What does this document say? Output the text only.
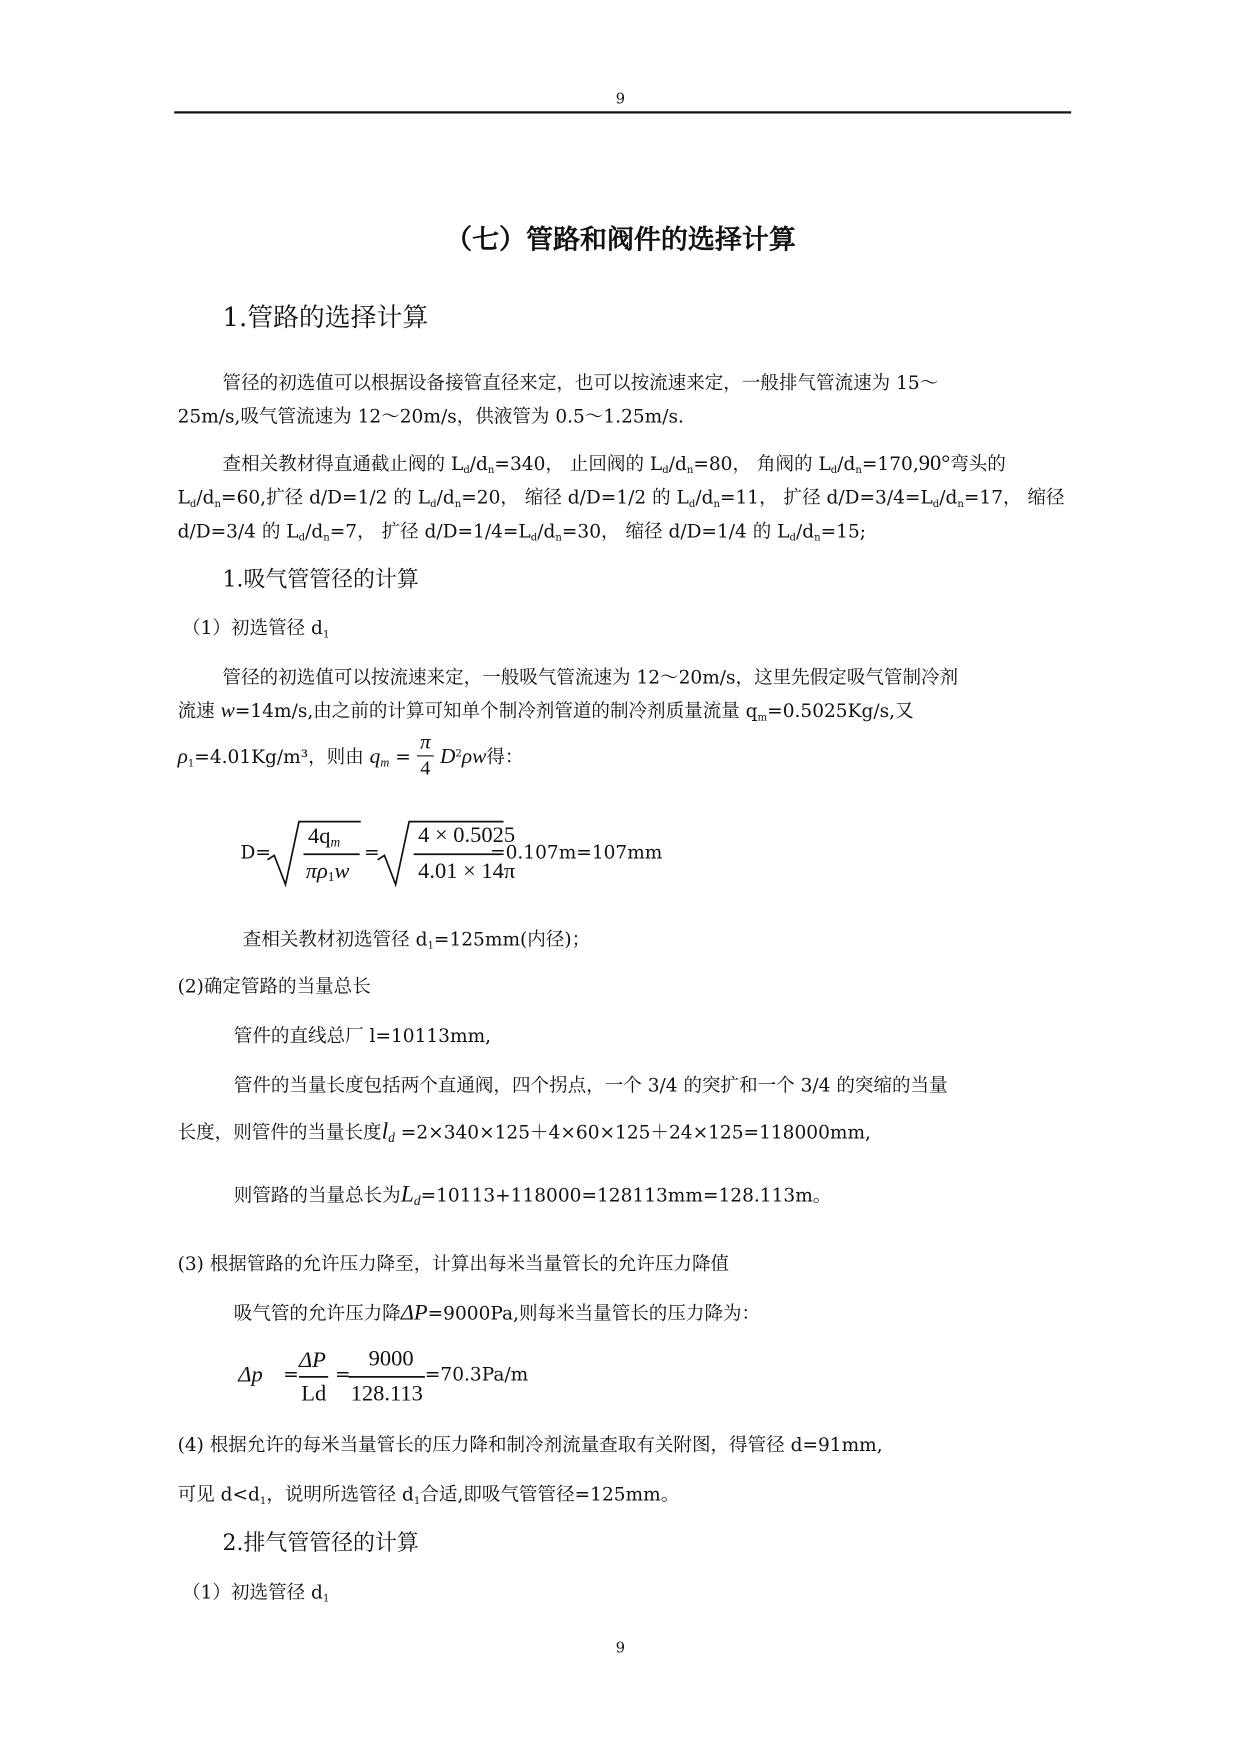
9
（七）管路和阀件的选择计算
1.管路的选择计算
管径的初选值可以根据设备接管直径来定，也可以按流速来定，一般排气管流速为 15～
25m/s,吸气管流速为 12～20m/s，供液管为 0.5～1.25m/s.
查相关教材得直通截止阀的 $L_d/d_n=340$， 止回阀的 $L_d/d_n=80$， 角阀的 $L_d/d_n=170,90^\circ$弯头的
$L_d/d_n=60$,扩径 d/D=1/2 的 $L_d/d_n=20$， 缩径 d/D=1/2 的 $L_d/d_n=11$， 扩径 $d/D=3/4=L_d/d_n=17$， 缩径
d/D=3/4 的 $L_d/d_n=7$， 扩径 $d/D=1/4=L_d/d_n=30$， 缩径 d/D=1/4 的 $L_d/d_n=15$;
1.吸气管管径的计算
（1）初选管径 $d_1$
管径的初选值可以按流速来定，一般吸气管流速为 12～20m/s，这里先假定吸气管制冷剂
流速 w=14m/s,由之前的计算可知单个制冷剂管道的制冷剂质量流量 $q_m=0.5025Kg/s$,又
$\rho_1=4.01Kg/m^3$，则由 $q_m = \frac{\pi}{4} D^2\rho w$得：
D=
$4q_m$
$\pi\rho_1w$
=
4 × 0.5025
4.01 × 14π
=0.107m=107mm
查相关教材初选管径 $d_1=125mm$(内径)；
(2)确定管路的当量总长
管件的直线总厂 l=10113mm,
管件的当量长度包括两个直通阀，四个拐点，一个 3/4 的突扩和一个 3/4 的突缩的当量
长度，则管件的当量长度$l_d =2\times 340\times 125+4\times 60\times 125+24\times 125=118000mm$,
则管路的当量总长为$L_d=10113+118000=128113mm=128.113m$。
(3) 根据管路的允许压力降至，计算出每米当量管长的允许压力降值
吸气管的允许压力降ΔP=9000Pa,则每米当量管长的压力降为：
Δp =
ΔP
Ld
=
9000
128.113
=70.3Pa/m
(4) 根据允许的每米当量管长的压力降和制冷剂流量查取有关附图，得管径 d=91mm,
可见 $d<d_1$，说明所选管径 $d_1$合适,即吸气管管径=125mm。
2.排气管管径的计算
（1）初选管径 $d_1$
9
